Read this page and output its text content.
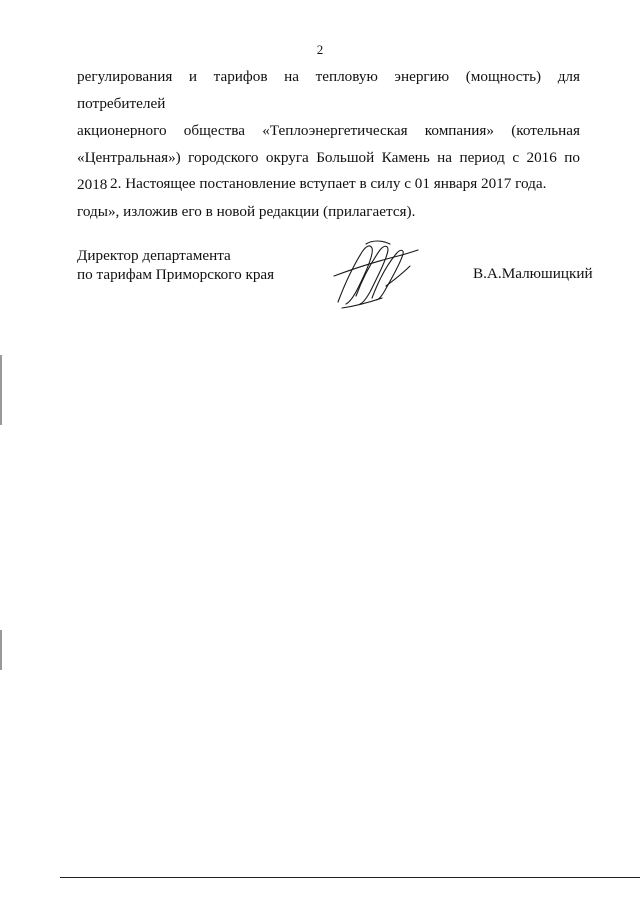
2
регулирования и тарифов на тепловую энергию (мощность) для потребителей
акционерного общества «Теплоэнергетическая компания» (котельная
«Центральная») городского округа Большой Камень на период с 2016 по 2018
годы», изложив его в новой редакции (прилагается).
2. Настоящее постановление вступает в силу с 01 января 2017 года.
Директор департамента
по тарифам Приморского края	В.А.Малюшицкий
